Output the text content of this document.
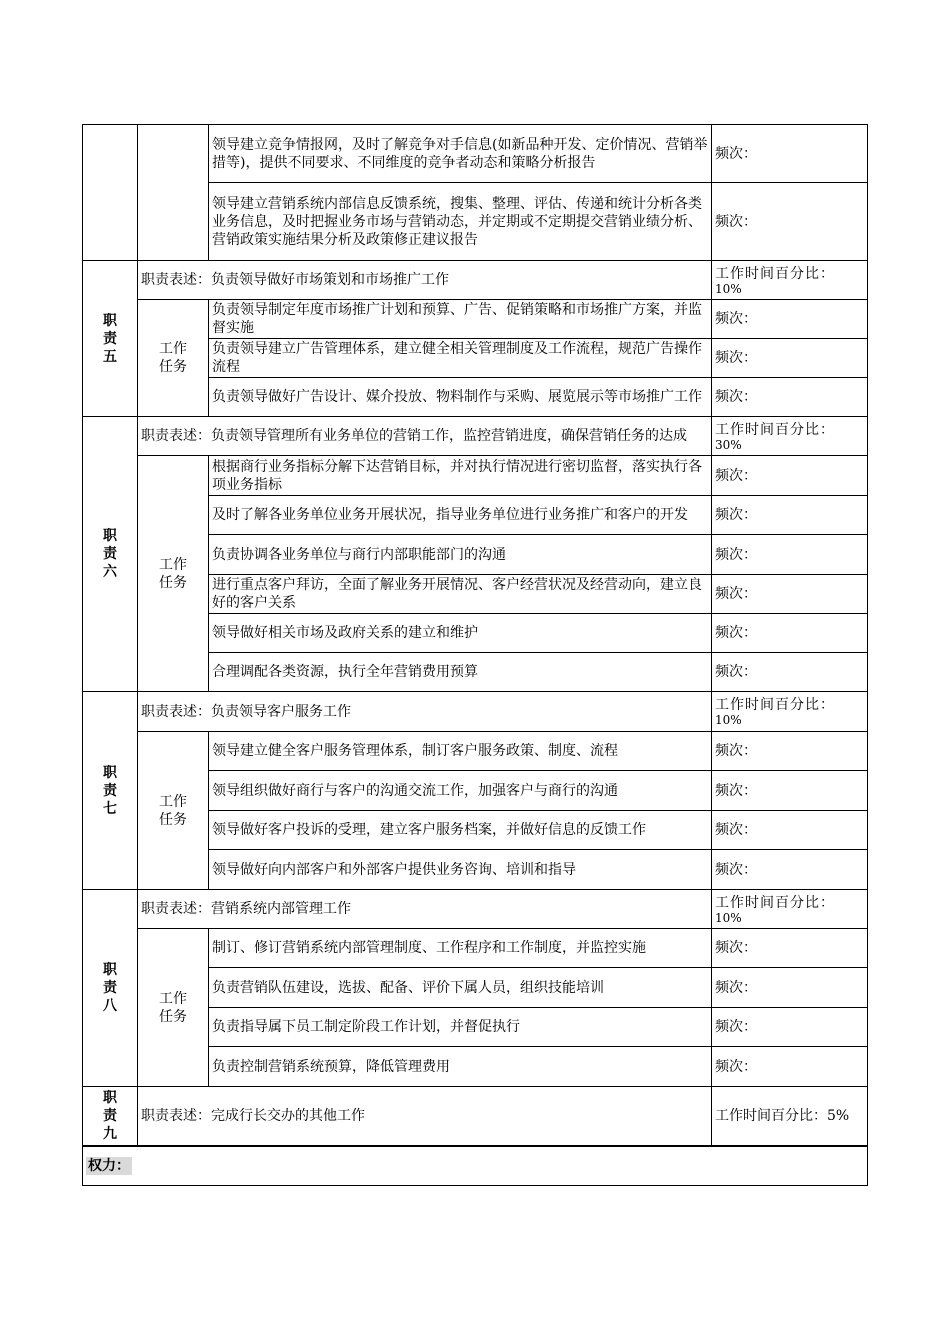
		领导建立竞争情报网，及时了解竞争对手信息(如新品种开发、定价情况、营销举措等)，提供不同要求、不同维度的竞争者动态和策略分析报告	频次：
		领导建立营销系统内部信息反馈系统，搜集、整理、评估、传递和统计分析各类业务信息，及时把握业务市场与营销动态，并定期或不定期提交营销业绩分析、营销政策实施结果分析及政策修正建议报告	频次：

职
责
五	职责表述：负责领导做好市场策划和市场推广工作		工作时间百分比：
10%

	工作
任务	负责领导制定年度市场推广计划和预算、广告、促销策略和市场推广方案，并监督实施	频次：
		负责领导建立广告管理体系，建立健全相关管理制度及工作流程，规范广告操作流程	频次：
		负责领导做好广告设计、媒介投放、物料制作与采购、展览展示等市场推广工作	频次：

职
责
六	职责表述：负责领导管理所有业务单位的营销工作，监控营销进度，确保营销任务的达成		工作时间百分比：
30%

	工作
任务	根据商行业务指标分解下达营销目标，并对执行情况进行密切监督，落实执行各项业务指标	频次：
		及时了解各业务单位业务开展状况，指导业务单位进行业务推广和客户的开发	频次：
		负责协调各业务单位与商行内部职能部门的沟通	频次：
		进行重点客户拜访，全面了解业务开展情况、客户经营状况及经营动向，建立良好的客户关系	频次：
		领导做好相关市场及政府关系的建立和维护	频次：
		合理调配各类资源，执行全年营销费用预算	频次：

职
责
七	职责表述：负责领导客户服务工作		工作时间百分比：
10%

	工作
任务	领导建立健全客户服务管理体系，制订客户服务政策、制度、流程	频次：
		领导组织做好商行与客户的沟通交流工作，加强客户与商行的沟通	频次：
		领导做好客户投诉的受理，建立客户服务档案，并做好信息的反馈工作	频次：
		领导做好向内部客户和外部客户提供业务咨询、培训和指导	频次：

职
责
八	职责表述：营销系统内部管理工作		工作时间百分比：
10%

	工作
任务	制订、修订营销系统内部管理制度、工作程序和工作制度，并监控实施	频次：
		负责营销队伍建设，选拔、配备、评价下属人员，组织技能培训	频次：
		负责指导属下员工制定阶段工作计划，并督促执行	频次：
		负责控制营销系统预算，降低管理费用	频次：

职
责
九	职责表述：完成行长交办的其他工作		工作时间百分比：5%
权力：			
